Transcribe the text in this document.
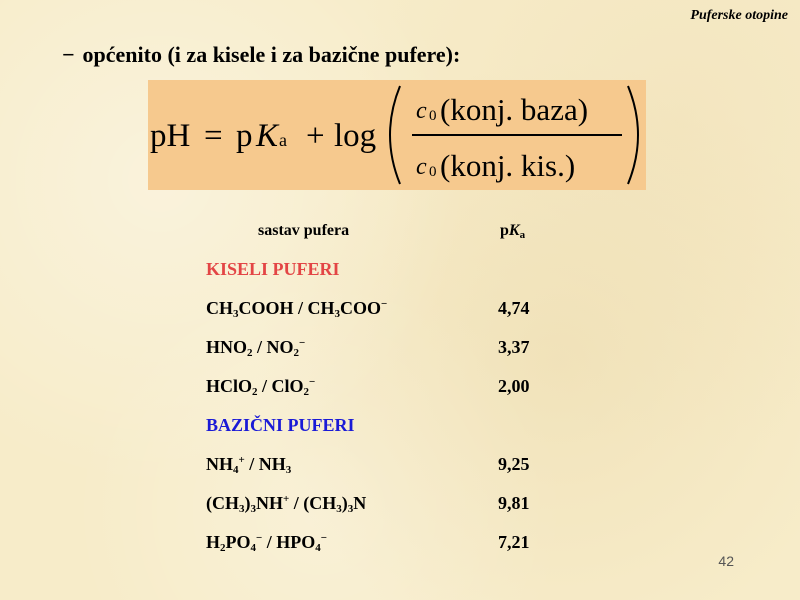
Puferske otopine
− općenito (i za kisele i za bazične pufere):
pH = p K a + log
c 0 (konj. baza)
c 0 (konj. kis.)
sastav pufera	$pK_a$
KISELI PUFERI	
$CH_3COOH / CH_3COO^-$	4,74
$HNO_2 / NO_2^-$	3,37
HClO$_2$ / ClO$_2$−	2,00
BAZIČNI PUFERI	
$NH_4^+ / NH_3$	9,25
$(CH_3)_3NH^+ / (CH_3)_3N$	9,81
$H_2PO_4^- / HPO_4^-$	7,21
42
